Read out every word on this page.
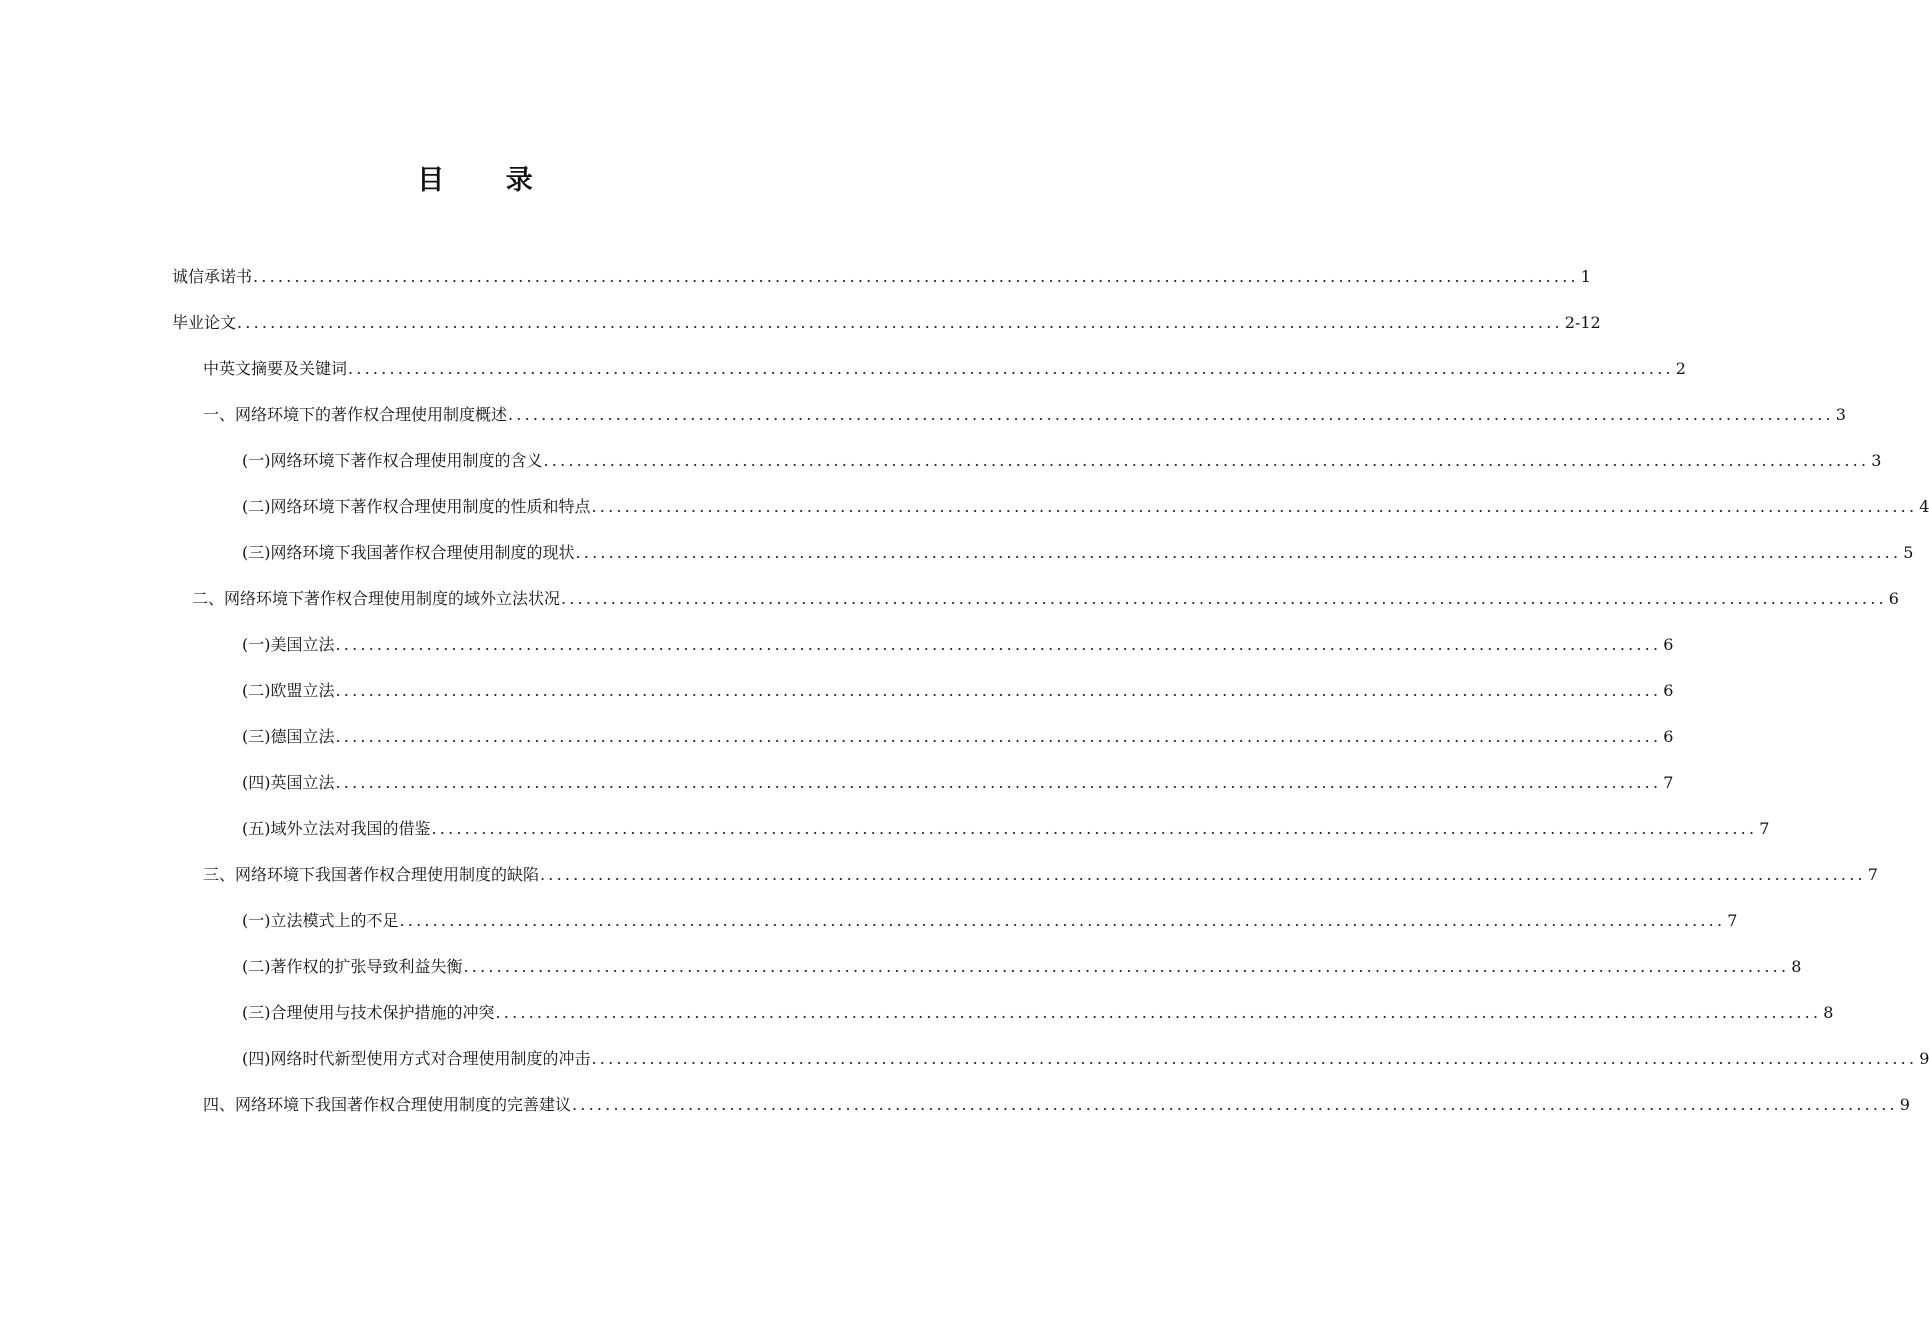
目 录
诚信承诺书 ................................................................................................................................................................ 1
毕业论文 ................................................................................................................................................................ 2-12
中英文摘要及关键词 ................................................................................................................................................................ 2
一、网络环境下的著作权合理使用制度概述 ................................................................................................................................................................ 3
(一)网络环境下著作权合理使用制度的含义 ................................................................................................................................................................ 3
(二)网络环境下著作权合理使用制度的性质和特点 ................................................................................................................................................................ 4
(三)网络环境下我国著作权合理使用制度的现状 ................................................................................................................................................................ 5
二、网络环境下著作权合理使用制度的域外立法状况 ................................................................................................................................................................ 6
(一)美国立法 ................................................................................................................................................................ 6
(二)欧盟立法 ................................................................................................................................................................ 6
(三)德国立法 ................................................................................................................................................................ 6
(四)英国立法 ................................................................................................................................................................ 7
(五)域外立法对我国的借鉴 ................................................................................................................................................................ 7
三、网络环境下我国著作权合理使用制度的缺陷 ................................................................................................................................................................ 7
(一)立法模式上的不足 ................................................................................................................................................................ 7
(二)著作权的扩张导致利益失衡 ................................................................................................................................................................ 8
(三)合理使用与技术保护措施的冲突 ................................................................................................................................................................ 8
(四)网络时代新型使用方式对合理使用制度的冲击 ................................................................................................................................................................ 9
四、网络环境下我国著作权合理使用制度的完善建议 ................................................................................................................................................................ 9
